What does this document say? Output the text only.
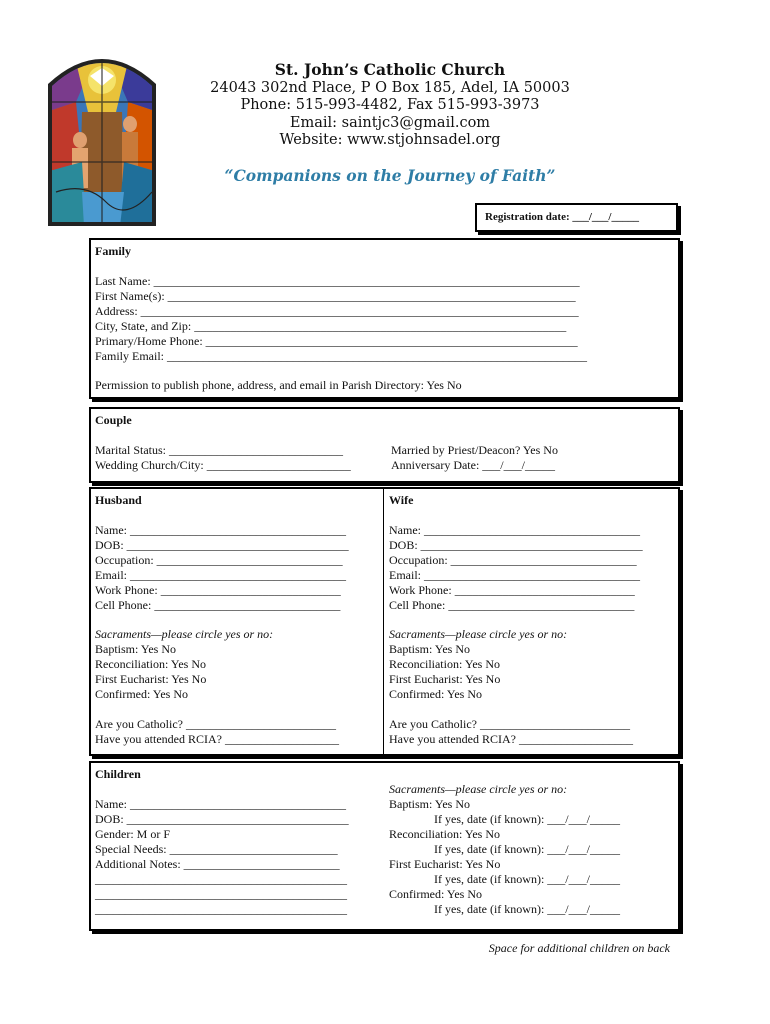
St. John’s Catholic Church
24043 302nd Place, P O Box 185, Adel, IA 50003
Phone: 515-993-4482, Fax 515-993-3973
Email: saintjc3@gmail.com
Website: www.stjohnsadel.org
“Companions on the Journey of Faith”
Registration date: ___/___/_____
Family
Last Name: _______________________________________________________________________
First Name(s): ____________________________________________________________________
Address: _________________________________________________________________________
City, State, and Zip: ______________________________________________________________
Primary/Home Phone: ______________________________________________________________
Family Email: ______________________________________________________________________
Permission to publish phone, address, and email in Parish Directory: Yes No
Couple
Marital Status: _____________________________
Wedding Church/City: ________________________
Married by Priest/Deacon? Yes No
Anniversary Date: ___/___/_____
Husband
Name: ____________________________________
DOB: _____________________________________
Occupation: _______________________________
Email: ____________________________________
Work Phone: ______________________________
Cell Phone: _______________________________
Sacraments—please circle yes or no:
Baptism: Yes No
Reconciliation: Yes No
First Eucharist: Yes No
Confirmed: Yes No
Are you Catholic? _________________________
Have you attended RCIA? ___________________
Wife
Name: ____________________________________
DOB: _____________________________________
Occupation: _______________________________
Email: ____________________________________
Work Phone: ______________________________
Cell Phone: _______________________________
Sacraments—please circle yes or no:
Baptism: Yes No
Reconciliation: Yes No
First Eucharist: Yes No
Confirmed: Yes No
Are you Catholic? _________________________
Have you attended RCIA? ___________________
Children
Name: ____________________________________
DOB: _____________________________________
Gender: M or F
Special Needs: ____________________________
Additional Notes: __________________________
__________________________________________
__________________________________________
__________________________________________
Sacraments—please circle yes or no:
Baptism: Yes No
If yes, date (if known): ___/___/_____
Reconciliation: Yes No
If yes, date (if known): ___/___/_____
First Eucharist: Yes No
If yes, date (if known): ___/___/_____
Confirmed: Yes No
If yes, date (if known): ___/___/_____
Space for additional children on back
